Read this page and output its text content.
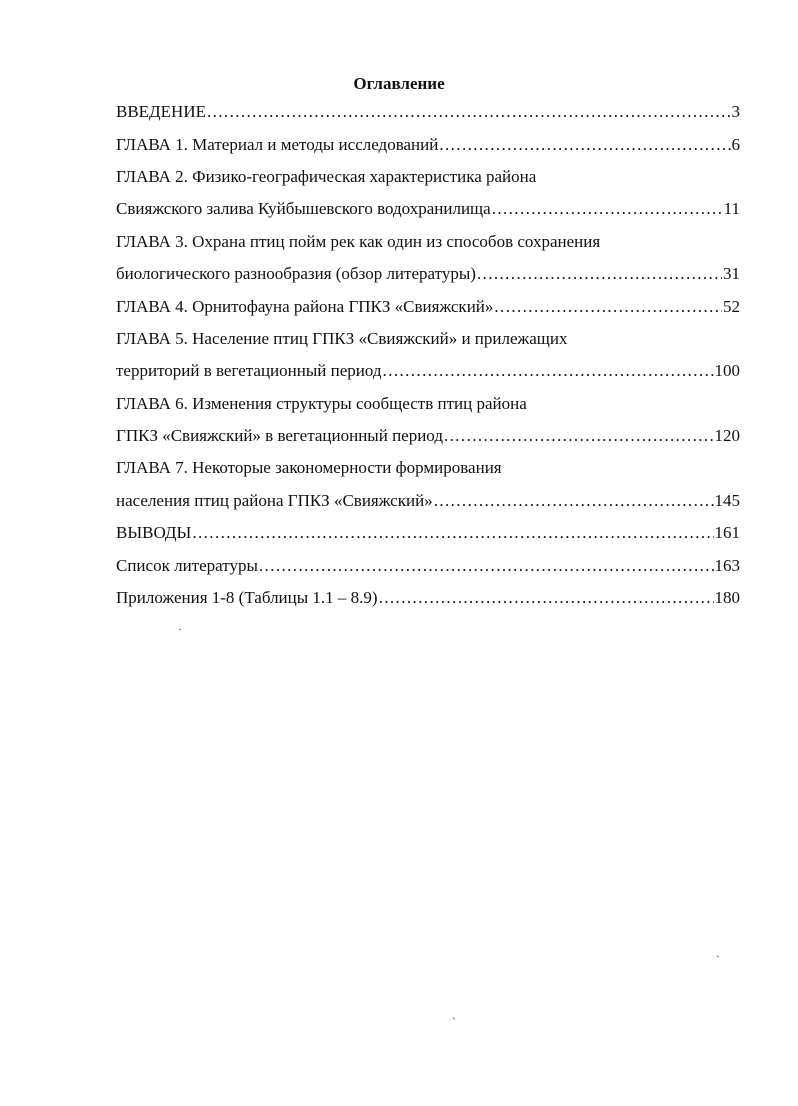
Оглавление
ВВЕДЕНИЕ .....	3
ГЛАВА 1. Материал и методы исследований .....	6
ГЛАВА 2. Физико-географическая характеристика района
Свияжского залива Куйбышевского водохранилища .....	11
ГЛАВА 3. Охрана птиц пойм рек как один из способов сохранения
биологического разнообразия (обзор литературы) .....	31
ГЛАВА 4. Орнитофауна района ГПКЗ «Свияжский» .....	52
ГЛАВА 5. Население птиц ГПКЗ «Свияжский» и прилежащих
территорий в вегетационный период .....	100
ГЛАВА 6. Изменения структуры сообществ птиц района
ГПКЗ «Свияжский» в вегетационный период .....	120
ГЛАВА 7. Некоторые закономерности формирования
населения птиц района ГПКЗ «Свияжский» .....	145
ВЫВОДЫ .....	161
Список литературы .....	163
Приложения 1-8 (Таблицы 1.1 – 8.9) .....	180
·
ˏ
ˏ
